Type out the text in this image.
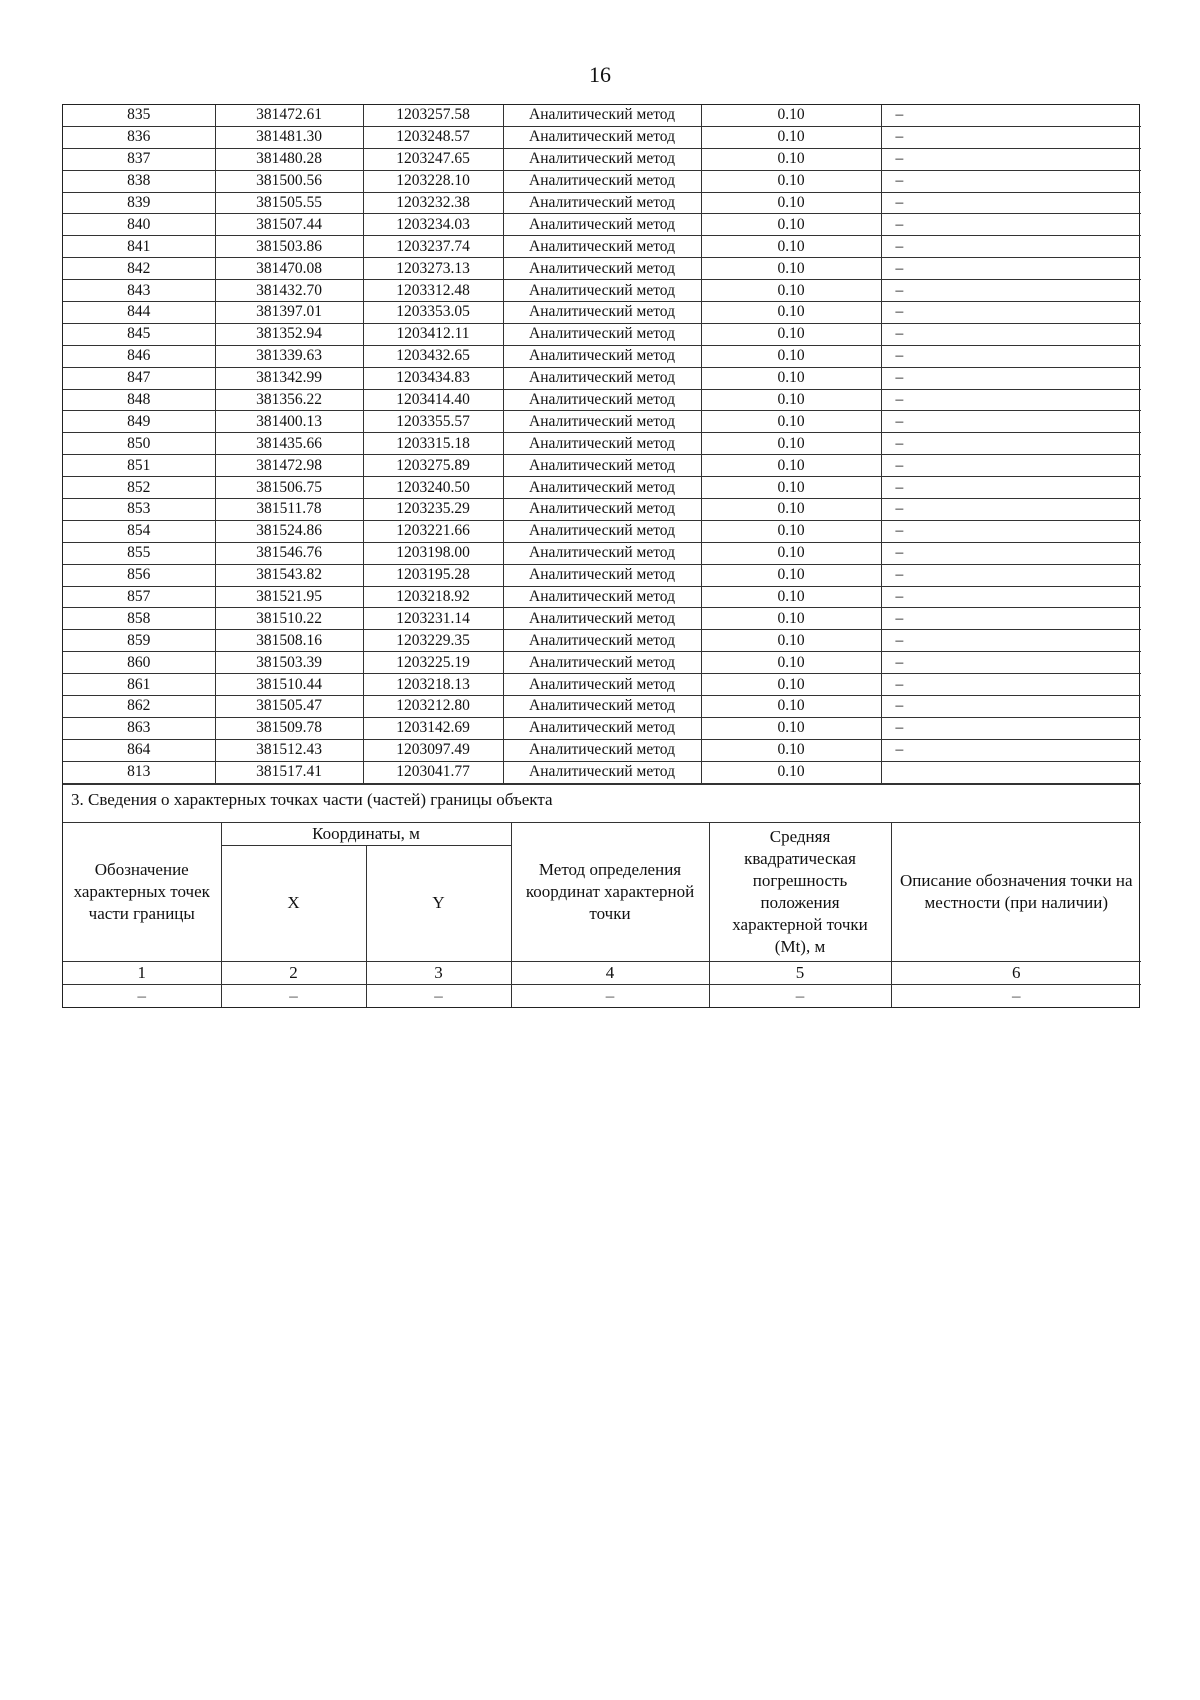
16
835	381472.61	1203257.58	Аналитический метод	0.10	–
836	381481.30	1203248.57	Аналитический метод	0.10	–
837	381480.28	1203247.65	Аналитический метод	0.10	–
838	381500.56	1203228.10	Аналитический метод	0.10	–
839	381505.55	1203232.38	Аналитический метод	0.10	–
840	381507.44	1203234.03	Аналитический метод	0.10	–
841	381503.86	1203237.74	Аналитический метод	0.10	–
842	381470.08	1203273.13	Аналитический метод	0.10	–
843	381432.70	1203312.48	Аналитический метод	0.10	–
844	381397.01	1203353.05	Аналитический метод	0.10	–
845	381352.94	1203412.11	Аналитический метод	0.10	–
846	381339.63	1203432.65	Аналитический метод	0.10	–
847	381342.99	1203434.83	Аналитический метод	0.10	–
848	381356.22	1203414.40	Аналитический метод	0.10	–
849	381400.13	1203355.57	Аналитический метод	0.10	–
850	381435.66	1203315.18	Аналитический метод	0.10	–
851	381472.98	1203275.89	Аналитический метод	0.10	–
852	381506.75	1203240.50	Аналитический метод	0.10	–
853	381511.78	1203235.29	Аналитический метод	0.10	–
854	381524.86	1203221.66	Аналитический метод	0.10	–
855	381546.76	1203198.00	Аналитический метод	0.10	–
856	381543.82	1203195.28	Аналитический метод	0.10	–
857	381521.95	1203218.92	Аналитический метод	0.10	–
858	381510.22	1203231.14	Аналитический метод	0.10	–
859	381508.16	1203229.35	Аналитический метод	0.10	–
860	381503.39	1203225.19	Аналитический метод	0.10	–
861	381510.44	1203218.13	Аналитический метод	0.10	–
862	381505.47	1203212.80	Аналитический метод	0.10	–
863	381509.78	1203142.69	Аналитический метод	0.10	–
864	381512.43	1203097.49	Аналитический метод	0.10	–
813	381517.41	1203041.77	Аналитический метод	0.10	
3. Сведения о характерных точках части (частей) границы объекта
Обозначение характерных точек части границы	Координаты, м		Метод определения координат характерной точки	Средняя квадратическая погрешность положения характерной точки (Mt), м	Описание обозначения точки на местности (при наличии)
	X	Y			
1	2	3	4	5	6
–	–	–	–	–	–
